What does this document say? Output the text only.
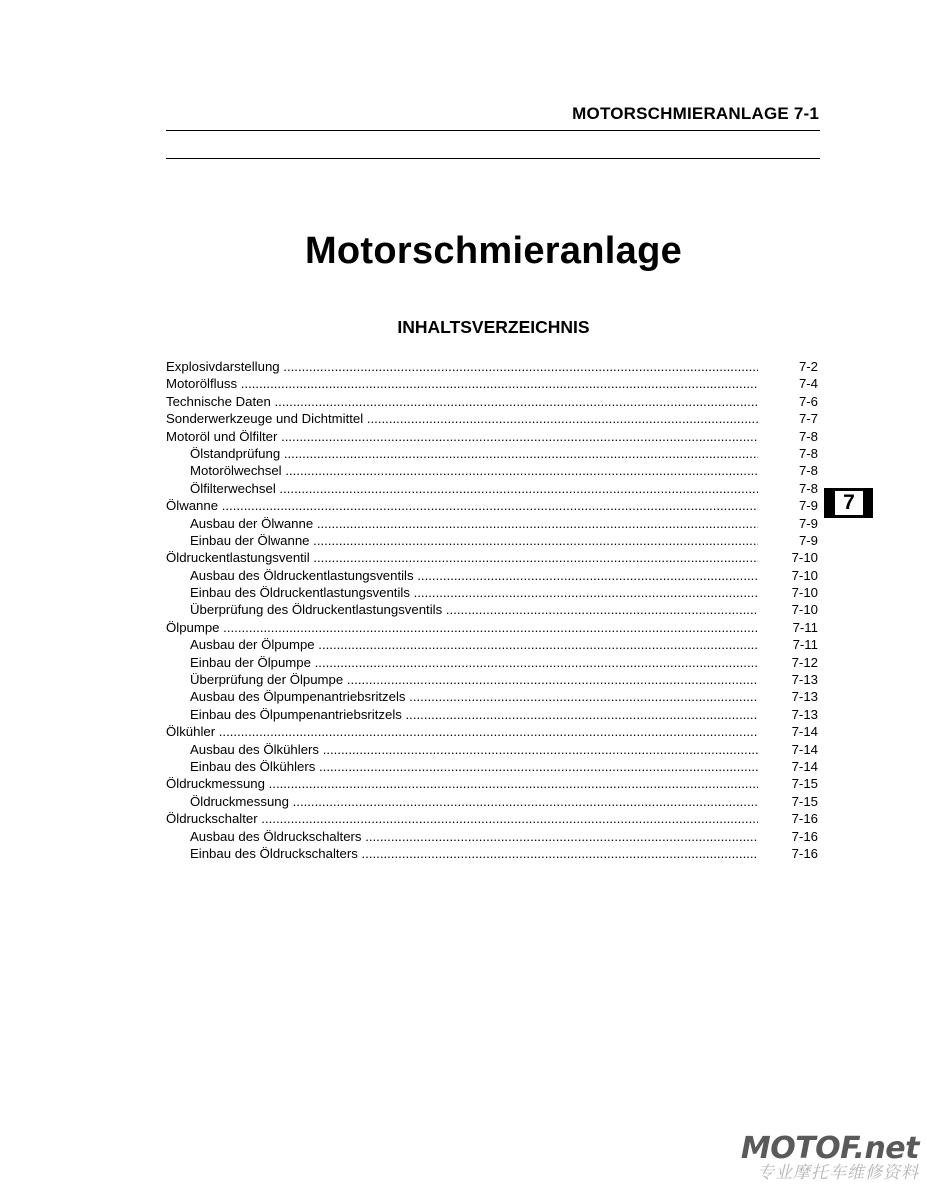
MOTORSCHMIERANLAGE 7-1
Motorschmieranlage
INHALTSVERZEICHNIS
Explosivdarstellung .....	7-2
Motorölfluss .....	7-4
Technische Daten .....	7-6
Sonderwerkzeuge und Dichtmittel .....	7-7
Motoröl und Ölfilter .....	7-8
Ölstandprüfung .....	7-8
Motorölwechsel .....	7-8
Ölfilterwechsel .....	7-8
Ölwanne .....	7-9
Ausbau der Ölwanne .....	7-9
Einbau der Ölwanne .....	7-9
Öldruckentlastungsventil .....	7-10
Ausbau des Öldruckentlastungsventils .....	7-10
Einbau des Öldruckentlastungsventils .....	7-10
Überprüfung des Öldruckentlastungsventils .....	7-10
Ölpumpe .....	7-11
Ausbau der Ölpumpe .....	7-11
Einbau der Ölpumpe .....	7-12
Überprüfung der Ölpumpe .....	7-13
Ausbau des Ölpumpenantriebsritzels .....	7-13
Einbau des Ölpumpenantriebsritzels .....	7-13
Ölkühler .....	7-14
Ausbau des Ölkühlers .....	7-14
Einbau des Ölkühlers .....	7-14
Öldruckmessung .....	7-15
Öldruckmessung .....	7-15
Öldruckschalter .....	7-16
Ausbau des Öldruckschalters .....	7-16
Einbau des Öldruckschalters .....	7-16
7
MOTOF.net
专业摩托车维修资料
